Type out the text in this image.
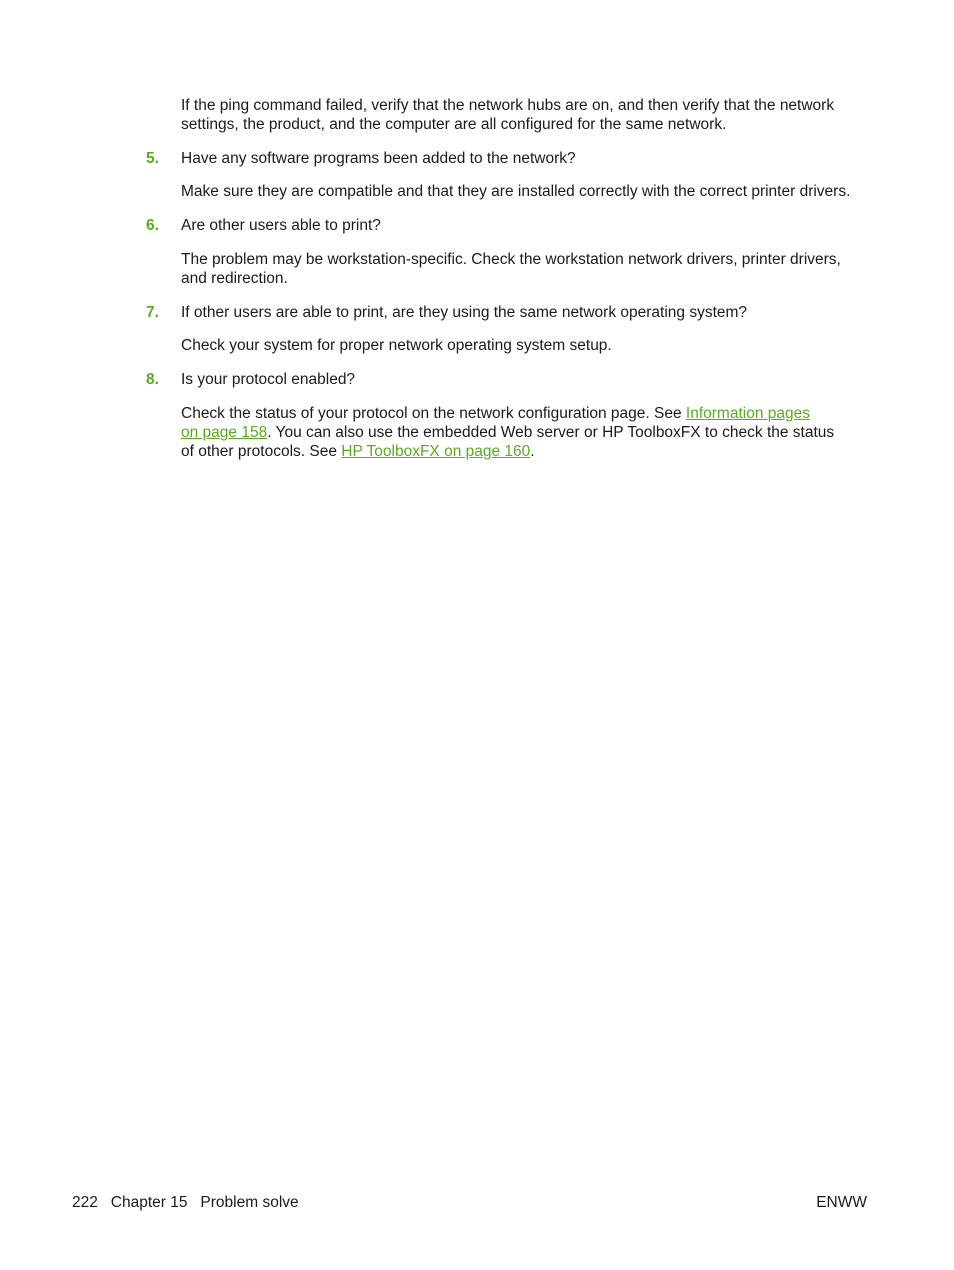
If the ping command failed, verify that the network hubs are on, and then verify that the network
settings, the product, and the computer are all configured for the same network.
5. Have any software programs been added to the network?
Make sure they are compatible and that they are installed correctly with the correct printer drivers.
6. Are other users able to print?
The problem may be workstation-specific. Check the workstation network drivers, printer drivers,
and redirection.
7. If other users are able to print, are they using the same network operating system?
Check your system for proper network operating system setup.
8. Is your protocol enabled?
Check the status of your protocol on the network configuration page. See Information pages
on page 158. You can also use the embedded Web server or HP ToolboxFX to check the status
of other protocols. See HP ToolboxFX on page 160.
222 Chapter 15 Problem solve	ENWW
